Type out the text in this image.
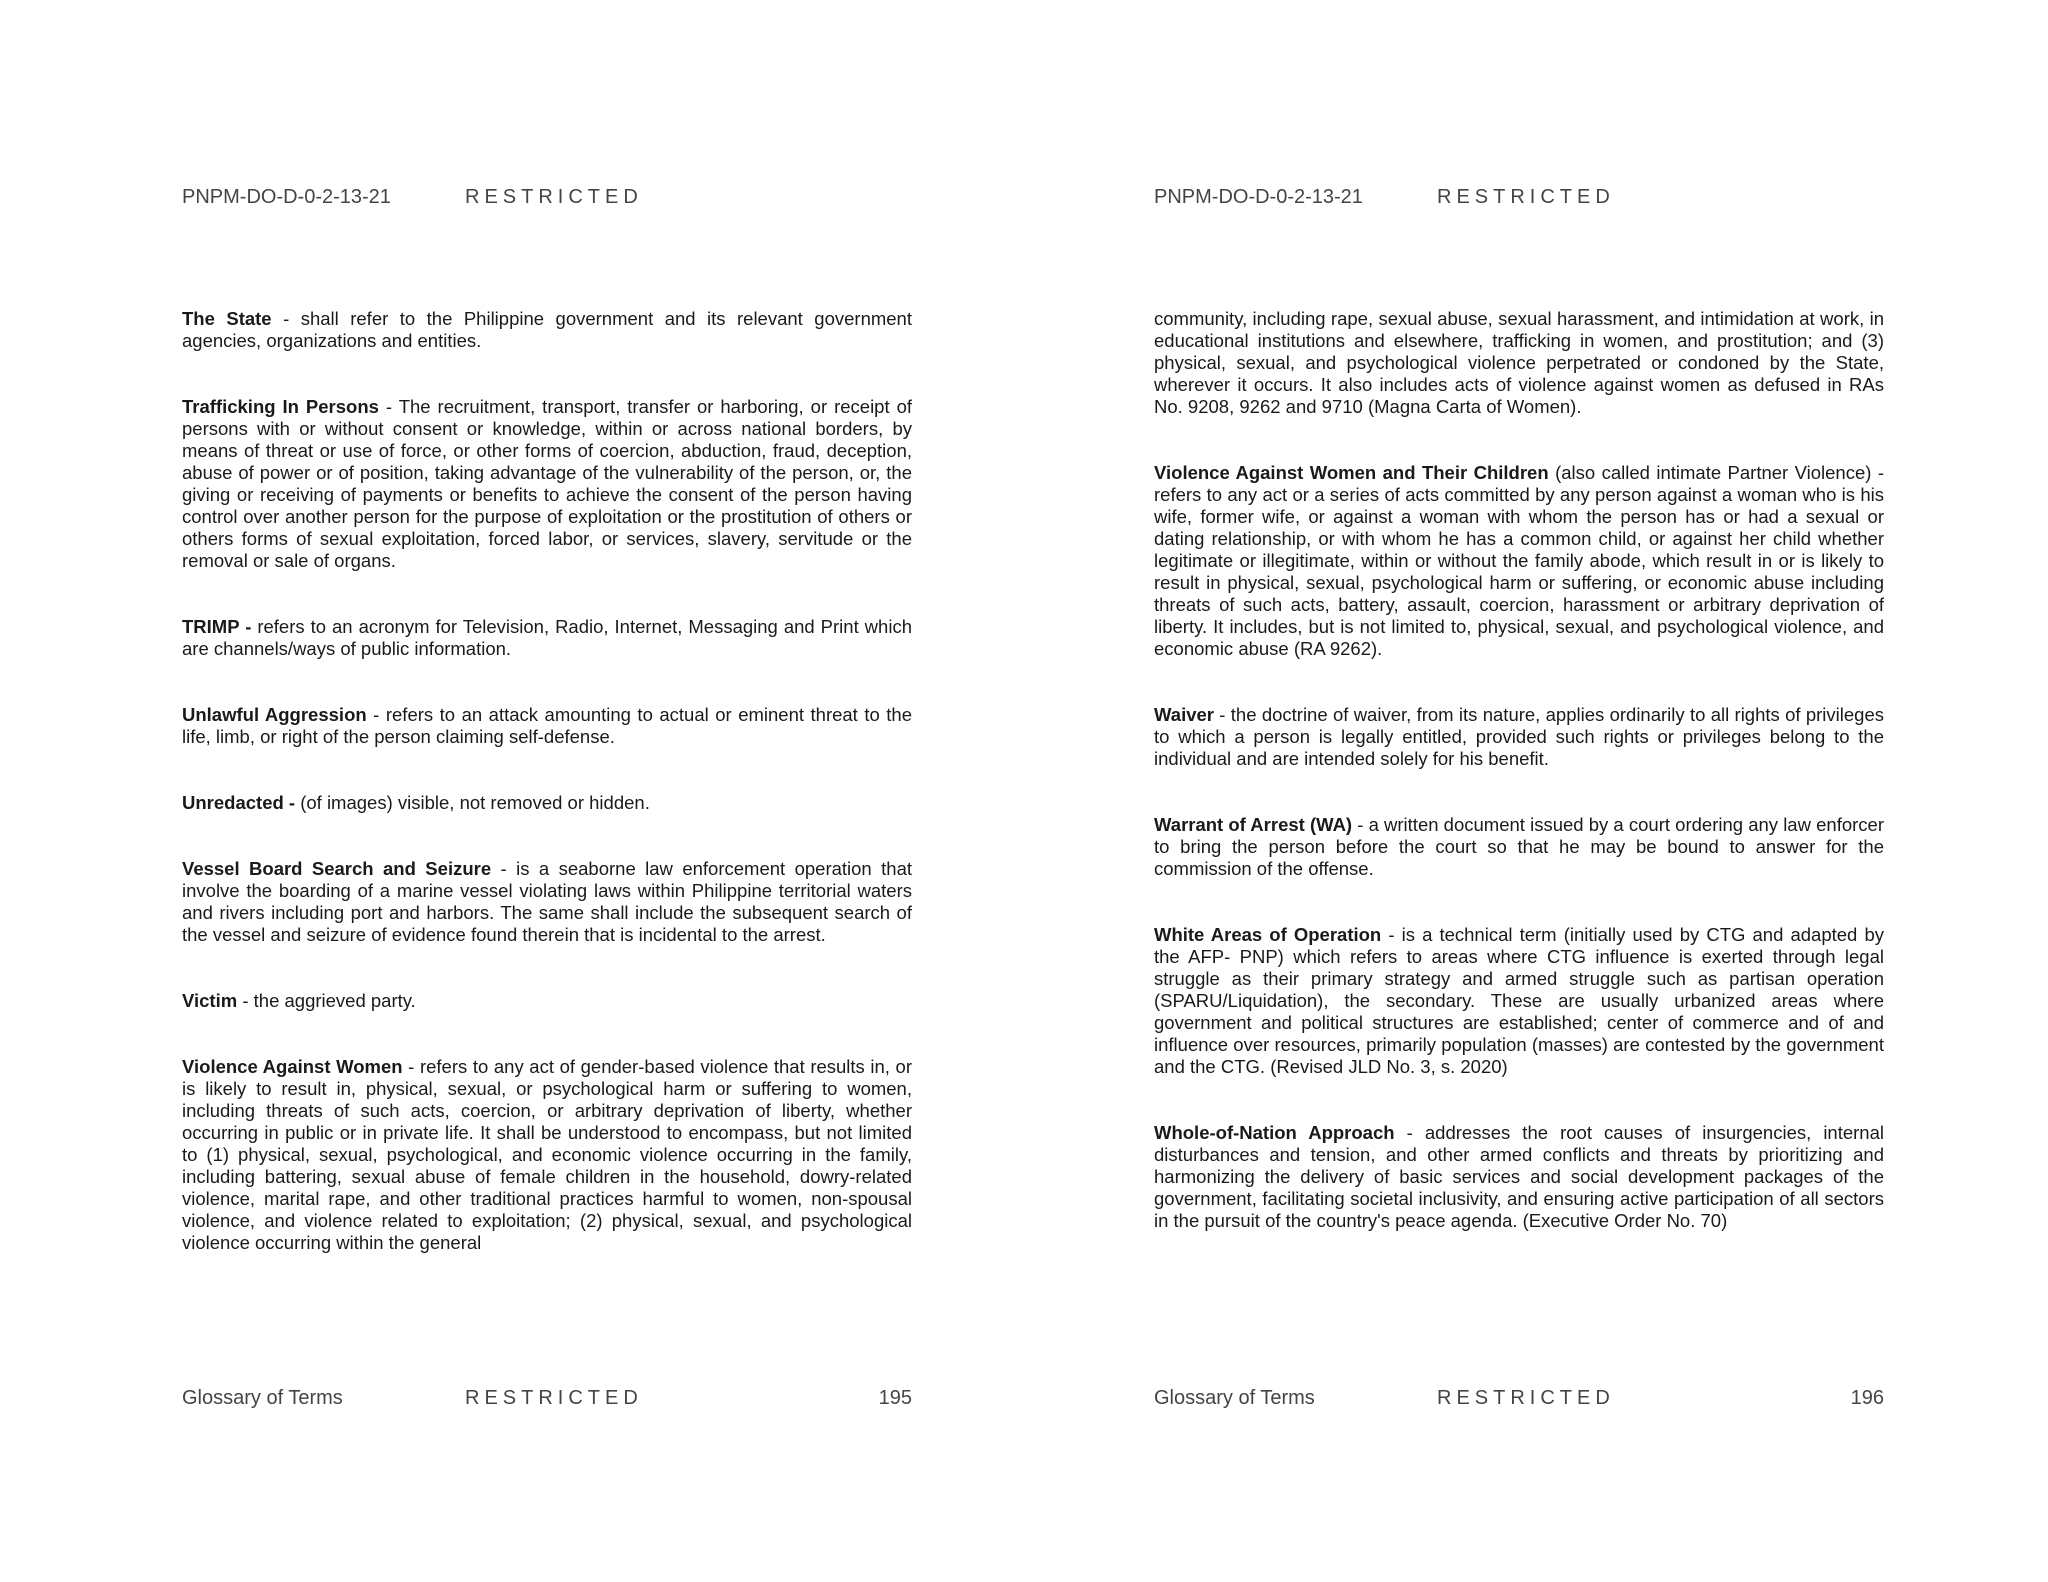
PNPM-DO-D-0-2-13-21	RESTRICTED

The State - shall refer to the Philippine government and its relevant government agencies, organizations and entities.

Trafficking In Persons - The recruitment, transport, transfer or harboring, or receipt of persons with or without consent or knowledge, within or across national borders, by means of threat or use of force, or other forms of coercion, abduction, fraud, deception, abuse of power or of position, taking advantage of the vulnerability of the person, or, the giving or receiving of payments or benefits to achieve the consent of the person having control over another person for the purpose of exploitation or the prostitution of others or others forms of sexual exploitation, forced labor, or services, slavery, servitude or the removal or sale of organs.

TRIMP - refers to an acronym for Television, Radio, Internet, Messaging and Print which are channels/ways of public information.

Unlawful Aggression - refers to an attack amounting to actual or eminent threat to the life, limb, or right of the person claiming self-defense.

Unredacted - (of images) visible, not removed or hidden.

Vessel Board Search and Seizure - is a seaborne law enforcement operation that involve the boarding of a marine vessel violating laws within Philippine territorial waters and rivers including port and harbors. The same shall include the subsequent search of the vessel and seizure of evidence found therein that is incidental to the arrest.

Victim - the aggrieved party.

Violence Against Women - refers to any act of gender-based violence that results in, or is likely to result in, physical, sexual, or psychological harm or suffering to women, including threats of such acts, coercion, or arbitrary deprivation of liberty, whether occurring in public or in private life. It shall be understood to encompass, but not limited to (1) physical, sexual, psychological, and economic violence occurring in the family, including battering, sexual abuse of female children in the household, dowry-related violence, marital rape, and other traditional practices harmful to women, non-spousal violence, and violence related to exploitation; (2) physical, sexual, and psychological violence occurring within the general

Glossary of Terms	RESTRICTED	195
PNPM-DO-D-0-2-13-21	RESTRICTED

community, including rape, sexual abuse, sexual harassment, and intimidation at work, in educational institutions and elsewhere, trafficking in women, and prostitution; and (3) physical, sexual, and psychological violence perpetrated or condoned by the State, wherever it occurs. It also includes acts of violence against women as defused in RAs No. 9208, 9262 and 9710 (Magna Carta of Women).

Violence Against Women and Their Children (also called intimate Partner Violence) - refers to any act or a series of acts committed by any person against a woman who is his wife, former wife, or against a woman with whom the person has or had a sexual or dating relationship, or with whom he has a common child, or against her child whether legitimate or illegitimate, within or without the family abode, which result in or is likely to result in physical, sexual, psychological harm or suffering, or economic abuse including threats of such acts, battery, assault, coercion, harassment or arbitrary deprivation of liberty. It includes, but is not limited to, physical, sexual, and psychological violence, and economic abuse (RA 9262).

Waiver - the doctrine of waiver, from its nature, applies ordinarily to all rights of privileges to which a person is legally entitled, provided such rights or privileges belong to the individual and are intended solely for his benefit.

Warrant of Arrest (WA) - a written document issued by a court ordering any law enforcer to bring the person before the court so that he may be bound to answer for the commission of the offense.

White Areas of Operation - is a technical term (initially used by CTG and adapted by the AFP- PNP) which refers to areas where CTG influence is exerted through legal struggle as their primary strategy and armed struggle such as partisan operation (SPARU/Liquidation), the secondary. These are usually urbanized areas where government and political structures are established; center of commerce and of and influence over resources, primarily population (masses) are contested by the government and the CTG. (Revised JLD No. 3, s. 2020)

Whole-of-Nation Approach - addresses the root causes of insurgencies, internal disturbances and tension, and other armed conflicts and threats by prioritizing and harmonizing the delivery of basic services and social development packages of the government, facilitating societal inclusivity, and ensuring active participation of all sectors in the pursuit of the country's peace agenda. (Executive Order No. 70)

Glossary of Terms	RESTRICTED	196
